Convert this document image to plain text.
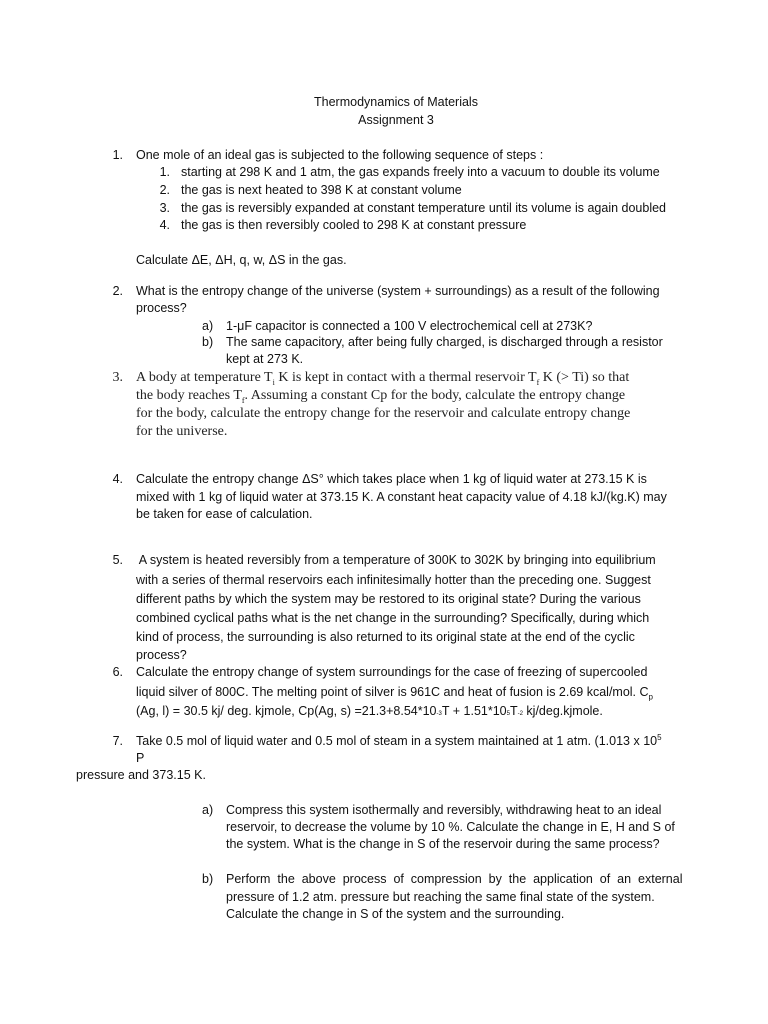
Thermodynamics of Materials
Assignment 3
1. One mole of an ideal gas is subjected to the following sequence of steps :
1. starting at 298 K and 1 atm, the gas expands freely into a vacuum to double its volume
2. the gas is next heated to 398 K at constant volume
3. the gas is reversibly expanded at constant temperature until its volume is again doubled
4. the gas is then reversibly cooled to 298 K at constant pressure
Calculate ΔE, ΔH, q, w, ΔS in the gas.
2. What is the entropy change of the universe (system + surroundings) as a result of the following
process?
a) 1-μF capacitor is connected a 100 V electrochemical cell at 273K?
b) The same capacitory, after being fully charged, is discharged through a resistor
kept at 273 K.
3. A body at temperature $T_i$ K is kept in contact with a thermal reservoir $T_f$ K (> Ti) so that
the body reaches $T_f$. Assuming a constant Cp for the body, calculate the entropy change
for the body, calculate the entropy change for the reservoir and calculate entropy change
for the universe.
4. Calculate the entropy change ΔS° which takes place when 1 kg of liquid water at 273.15 K is
mixed with 1 kg of liquid water at 373.15 K. A constant heat capacity value of 4.18 kJ/(kg.K) may
be taken for ease of calculation.
5. A system is heated reversibly from a temperature of 300K to 302K by bringing into equilibrium
with a series of thermal reservoirs each infinitesimally hotter than the preceding one. Suggest
different paths by which the system may be restored to its original state? During the various
combined cyclical paths what is the net change in the surrounding? Specifically, during which
kind of process, the surrounding is also returned to its original state at the end of the cyclic
process?
6. Calculate the entropy change of system surroundings for the case of freezing of supercooled
liquid silver of 800C. The melting point of silver is 961C and heat of fusion is 2.69 kcal/mol. $C_p$
(Ag, l) = 30.5 kj/ deg. kjmole, Cp(Ag, s) =21.3+8.54*10-3T + 1.51*105T-2 kj/deg.kjmole.
7. Take 0.5 mol of liquid water and 0.5 mol of steam in a system maintained at 1 atm. (1.013 x $10^5$
P
pressure and 373.15 K.
a) Compress this system isothermally and reversibly, withdrawing heat to an ideal
reservoir, to decrease the volume by 10 %. Calculate the change in E, H and S of
the system. What is the change in S of the reservoir during the same process?
b) Perform  the  above  process  of  compression  by  the  application  of  an  external
pressure of 1.2 atm. pressure but reaching the same final state of the system.
Calculate the change in S of the system and the surrounding.
